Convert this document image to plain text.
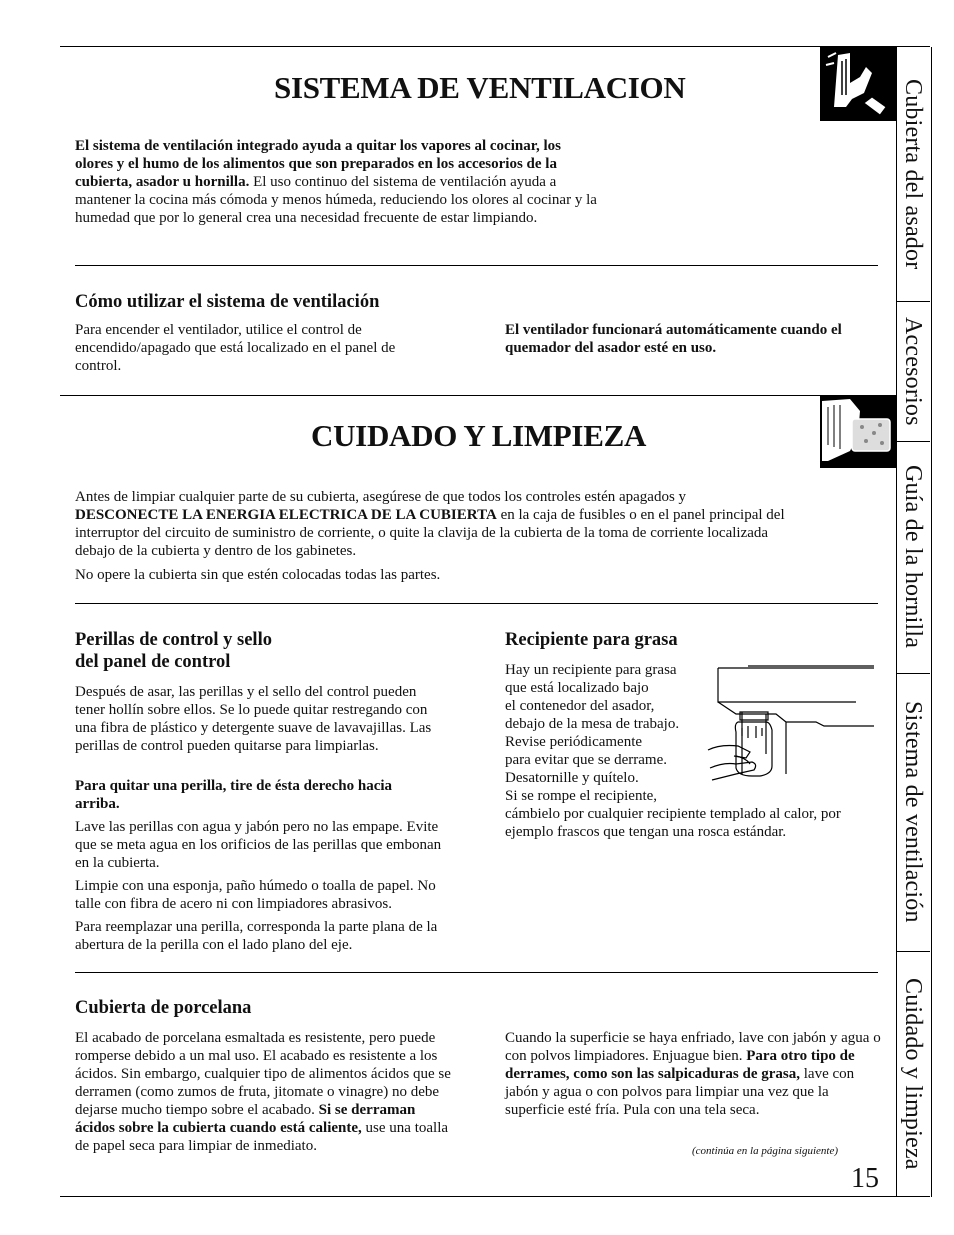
Cubierta del asador
Accesorios
Guía de la hornilla
Sistema de ventilación
Cuidado y limpieza
SISTEMA DE VENTILACION

El sistema de ventilación integrado ayuda a quitar los vapores al cocinar, los olores y el humo de los alimentos que son preparados en los accesorios de la cubierta, asador u hornilla. El uso continuo del sistema de ventilación ayuda a mantener la cocina más cómoda y menos húmeda, reduciendo los olores al cocinar y la humedad que por lo general crea una necesidad frecuente de estar limpiando.

Cómo utilizar el sistema de ventilación

Para encender el ventilador, utilice el control de encendido/apagado que está localizado en el panel de control.

El ventilador funcionará automáticamente cuando el quemador del asador esté en uso.

CUIDADO Y LIMPIEZA

Antes de limpiar cualquier parte de su cubierta, asegúrese de que todos los controles estén apagados y DESCONECTE LA ENERGIA ELECTRICA DE LA CUBIERTA en la caja de fusibles o en el panel principal del interruptor del circuito de suministro de corriente, o quite la clavija de la cubierta de la toma de corriente localizada debajo de la cubierta y dentro de los gabinetes.

No opere la cubierta sin que estén colocadas todas las partes.

Perillas de control y sello
del panel de control

Después de asar, las perillas y el sello del control pueden tener hollín sobre ellos. Se lo puede quitar restregando con una fibra de plástico y detergente suave de lavavajillas. Las perillas de control pueden quitarse para limpiarlas.

Para quitar una perilla, tire de ésta derecho hacia arriba.

Lave las perillas con agua y jabón pero no las empape. Evite que se meta agua en los orificios de las perillas que embonan en la cubierta.

Limpie con una esponja, paño húmedo o toalla de papel. No talle con fibra de acero ni con limpiadores abrasivos.

Para reemplazar una perilla, corresponda la parte plana de la abertura de la perilla con el lado plano del eje.

Recipiente para grasa
Hay un recipiente para grasa
que está localizado bajo
el contenedor del asador,
debajo de la mesa de trabajo.
Revise periódicamente
para evitar que se derrame.
Desatornille y quítelo.
Si se rompe el recipiente,

cámbielo por cualquier recipiente templado al calor, por ejemplo frascos que tengan una rosca estándar.

Cubierta de porcelana

El acabado de porcelana esmaltada es resistente, pero puede romperse debido a un mal uso. El acabado es resistente a los ácidos. Sin embargo, cualquier tipo de alimentos ácidos que se derramen (como zumos de fruta, jitomate o vinagre) no debe dejarse mucho tiempo sobre el acabado. Si se derraman ácidos sobre la cubierta cuando está caliente, use una toalla de papel seca para limpiar de inmediato.

Cuando la superficie se haya enfriado, lave con jabón y agua o con polvos limpiadores. Enjuague bien. Para otro tipo de derrames, como son las salpicaduras de grasa, lave con jabón y agua o con polvos para limpiar una vez que la superficie esté fría. Pula con una tela seca.

(continúa en la página siguiente)
15
